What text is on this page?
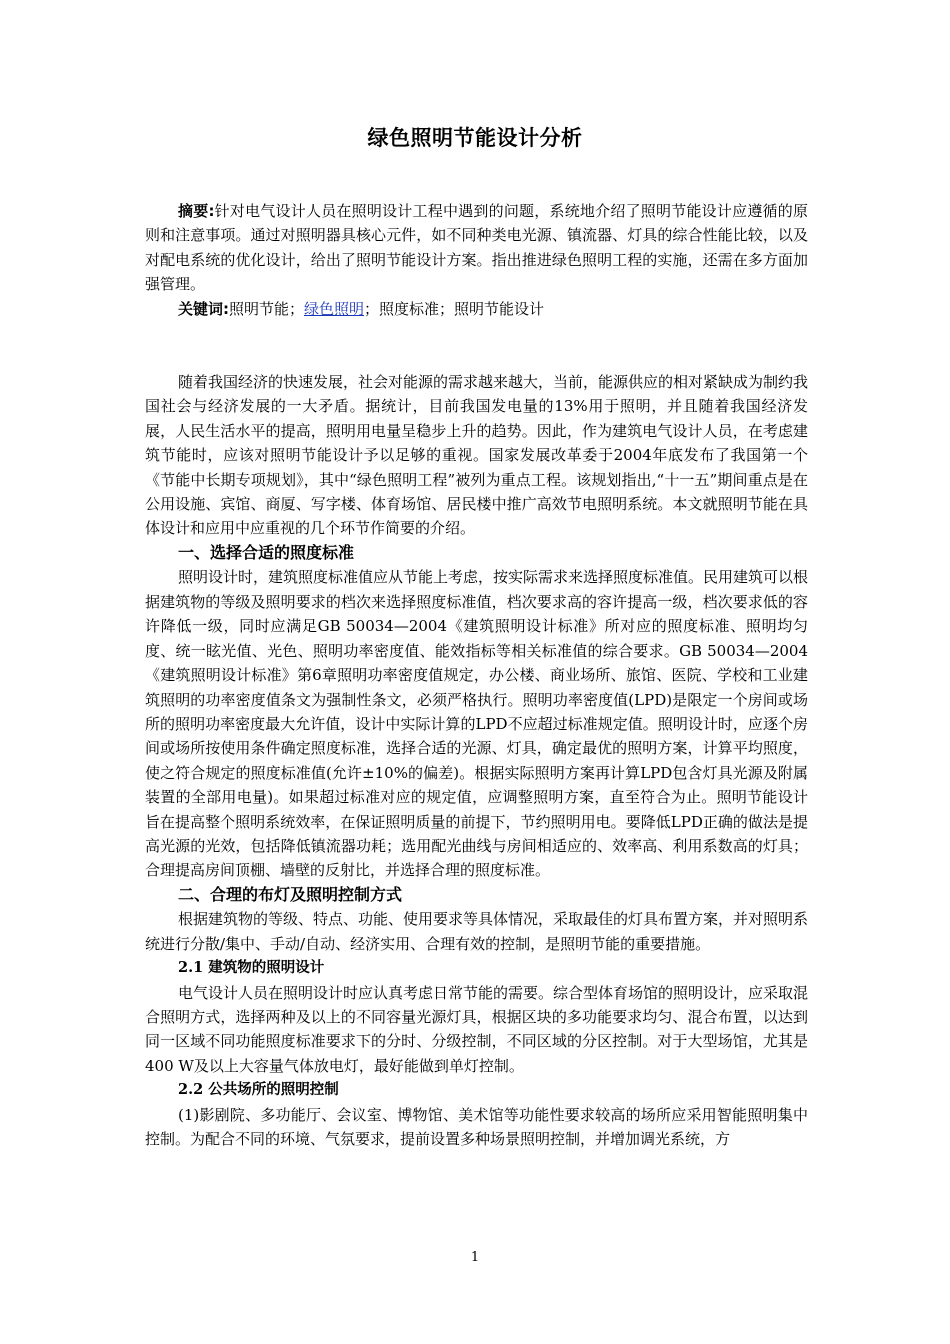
绿色照明节能设计分析

摘要:针对电气设计人员在照明设计工程中遇到的问题，系统地介绍了照明节能设计应遵循的原则和注意事项。通过对照明器具核心元件，如不同种类电光源、镇流器、灯具的综合性能比较，以及对配电系统的优化设计，给出了照明节能设计方案。指出推进绿色照明工程的实施，还需在多方面加强管理。

关键词:照明节能；绿色照明；照度标准；照明节能设计

随着我国经济的快速发展，社会对能源的需求越来越大，当前，能源供应的相对紧缺成为制约我国社会与经济发展的一大矛盾。据统计，目前我国发电量的13%用于照明，并且随着我国经济发展，人民生活水平的提高，照明用电量呈稳步上升的趋势。因此，作为建筑电气设计人员，在考虑建筑节能时，应该对照明节能设计予以足够的重视。国家发展改革委于2004年底发布了我国第一个《节能中长期专项规划》，其中“绿色照明工程”被列为重点工程。该规划指出,“十一五”期间重点是在公用设施、宾馆、商厦、写字楼、体育场馆、居民楼中推广高效节电照明系统。本文就照明节能在具体设计和应用中应重视的几个环节作简要的介绍。

一、选择合适的照度标准

照明设计时，建筑照度标准值应从节能上考虑，按实际需求来选择照度标准值。民用建筑可以根据建筑物的等级及照明要求的档次来选择照度标准值，档次要求高的容许提高一级，档次要求低的容许降低一级，同时应满足GB 50034—2004《建筑照明设计标准》所对应的照度标准、照明均匀度、统一眩光值、光色、照明功率密度值、能效指标等相关标准值的综合要求。GB 50034—2004《建筑照明设计标准》第6章照明功率密度值规定，办公楼、商业场所、旅馆、医院、学校和工业建筑照明的功率密度值条文为强制性条文，必须严格执行。照明功率密度值(LPD)是限定一个房间或场所的照明功率密度最大允许值，设计中实际计算的LPD不应超过标准规定值。照明设计时，应逐个房间或场所按使用条件确定照度标准，选择合适的光源、灯具，确定最优的照明方案，计算平均照度，使之符合规定的照度标准值(允许±10%的偏差)。根据实际照明方案再计算LPD包含灯具光源及附属装置的全部用电量)。如果超过标准对应的规定值，应调整照明方案，直至符合为止。照明节能设计旨在提高整个照明系统效率，在保证照明质量的前提下，节约照明用电。要降低LPD正确的做法是提高光源的光效，包括降低镇流器功耗；选用配光曲线与房间相适应的、效率高、利用系数高的灯具；合理提高房间顶棚、墙壁的反射比，并选择合理的照度标准。

二、合理的布灯及照明控制方式

根据建筑物的等级、特点、功能、使用要求等具体情况，采取最佳的灯具布置方案，并对照明系统进行分散/集中、手动/自动、经济实用、合理有效的控制，是照明节能的重要措施。

2.1 建筑物的照明设计

电气设计人员在照明设计时应认真考虑日常节能的需要。综合型体育场馆的照明设计，应采取混合照明方式，选择两种及以上的不同容量光源灯具，根据区块的多功能要求均匀、混合布置，以达到同一区域不同功能照度标准要求下的分时、分级控制，不同区域的分区控制。对于大型场馆，尤其是400 W及以上大容量气体放电灯，最好能做到单灯控制。

2.2 公共场所的照明控制

(1)影剧院、多功能厅、会议室、博物馆、美术馆等功能性要求较高的场所应采用智能照明集中控制。为配合不同的环境、气氛要求，提前设置多种场景照明控制，并增加调光系统，方

1
